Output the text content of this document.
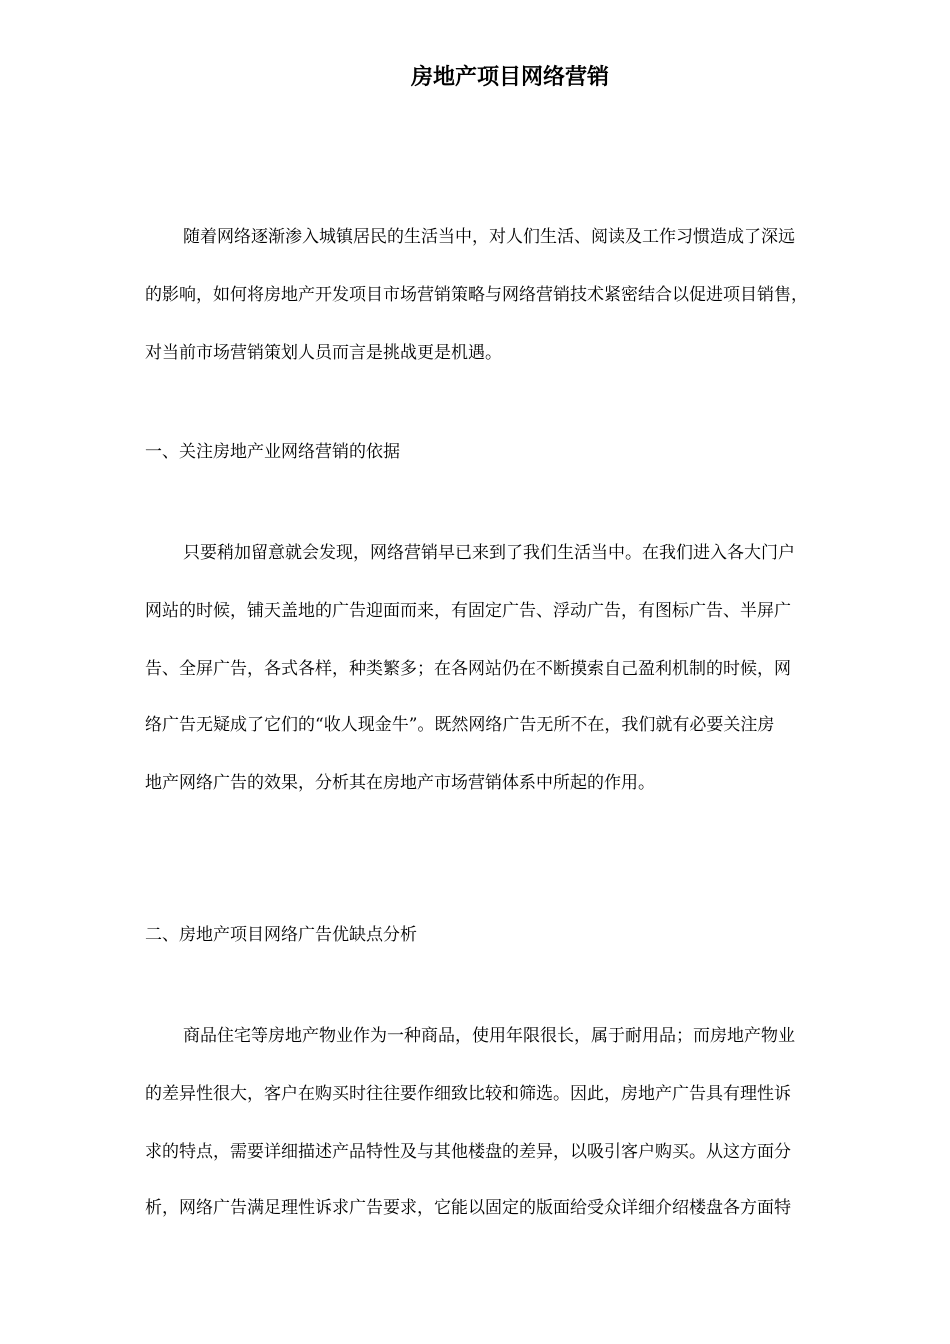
房地产项目网络营销
随着网络逐渐渗入城镇居民的生活当中，对人们生活、阅读及工作习惯造成了深远
的影响，如何将房地产开发项目市场营销策略与网络营销技术紧密结合以促进项目销售，
对当前市场营销策划人员而言是挑战更是机遇。
一、关注房地产业网络营销的依据
只要稍加留意就会发现，网络营销早已来到了我们生活当中。在我们进入各大门户
网站的时候，铺天盖地的广告迎面而来，有固定广告、浮动广告，有图标广告、半屏广
告、全屏广告，各式各样，种类繁多；在各网站仍在不断摸索自己盈利机制的时候，网
络广告无疑成了它们的“收人现金牛”。既然网络广告无所不在，我们就有必要关注房
地产网络广告的效果，分析其在房地产市场营销体系中所起的作用。
二、房地产项目网络广告优缺点分析
商品住宅等房地产物业作为一种商品，使用年限很长，属于耐用品；而房地产物业
的差异性很大，客户在购买时往往要作细致比较和筛选。因此，房地产广告具有理性诉
求的特点，需要详细描述产品特性及与其他楼盘的差异，以吸引客户购买。从这方面分
析，网络广告满足理性诉求广告要求，它能以固定的版面给受众详细介绍楼盘各方面特
